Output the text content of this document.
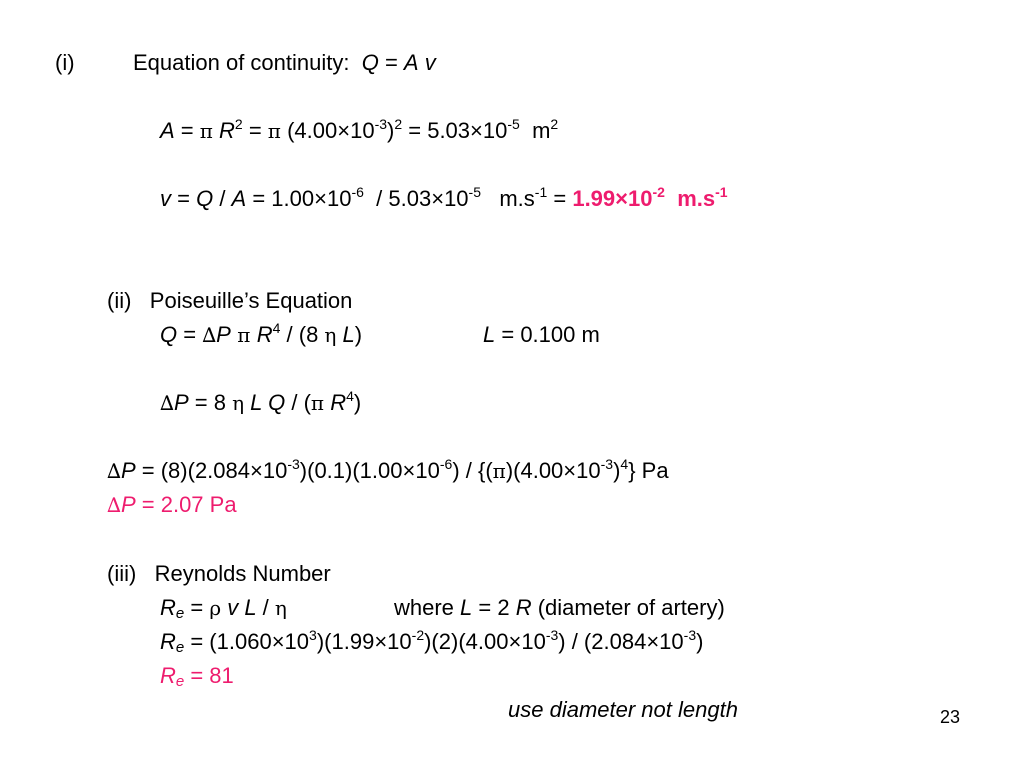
(i)	Equation of continuity: Q = A v
A = π $R^2 = \pi$ $(4.00\times 10^{-3})^2 = 5.03\times 10^{-5}$  $m^2$
$v = Q / A = 1.00\times 10^{-6} / 5.03\times 10^{-5}$   $m.s^{-1} = 1.99\times 10^{-2}$  $m.s^{-1}$
(ii) Poiseuille’s Equation
Q = ∆P π $R^4 / (8$ η L)	L = 0.100 m
∆P = 8 η L Q / (π $R^4$)
$\Delta P = (8)(2.084\times 10^{-3})(0.1)(1.00\times 10^{-6}) / \{(\pi)(4.00\times 10^{-3})^4\}$ Pa
∆P = 2.07 Pa
(iii) Reynolds Number
$R_e = \rho$ v L / η	where L = 2 R (diameter of artery)
$R_e = (1.060\times 10^3)(1.99\times 10^{-2})(2)(4.00\times 10^{-3}) / (2.084\times 10^{-3})$
$R_e = 81$
use diameter not length	23
